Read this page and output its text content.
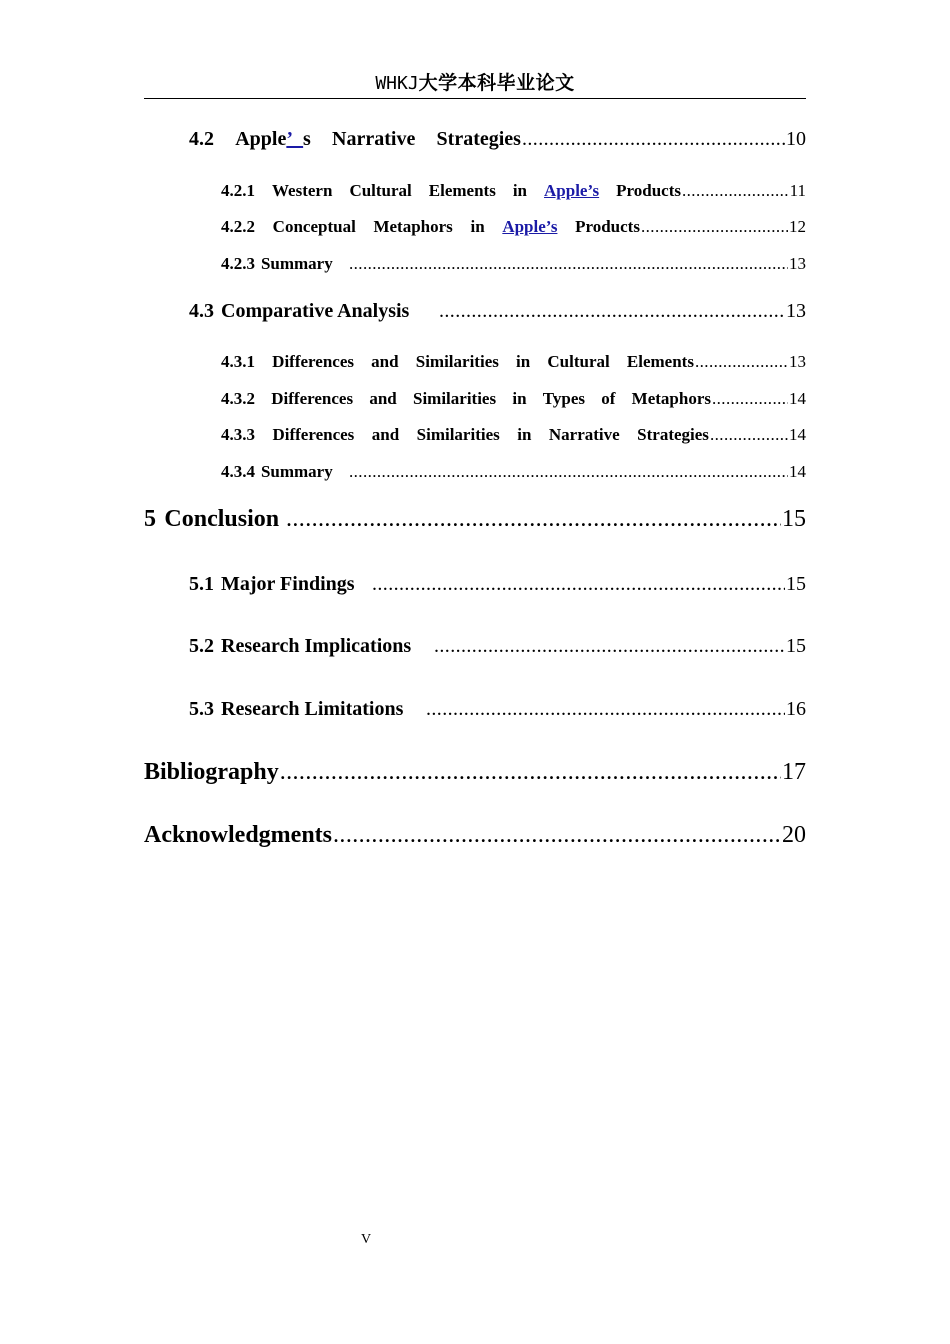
WHKJ大学本科毕业论文
4.2 Apple’_s Narrative Strategies .....	10
4.2.1 Western Cultural Elements in Apple’s Products .....	11
4.2.2 Conceptual Metaphors in Apple’s Products .....	12
4.2.3 Summary .....	13
4.3 Comparative Analysis .....	13
4.3.1 Differences and Similarities in Cultural Elements .....	13
4.3.2 Differences and Similarities in Types of Metaphors .....	14
4.3.3 Differences and Similarities in Narrative Strategies .....	14
4.3.4 Summary .....	14
5 Conclusion .....	15
5.1 Major Findings .....	15
5.2 Research Implications .....	15
5.3 Research Limitations .....	16
Bibliography .....	17
Acknowledgments .....	20
V
